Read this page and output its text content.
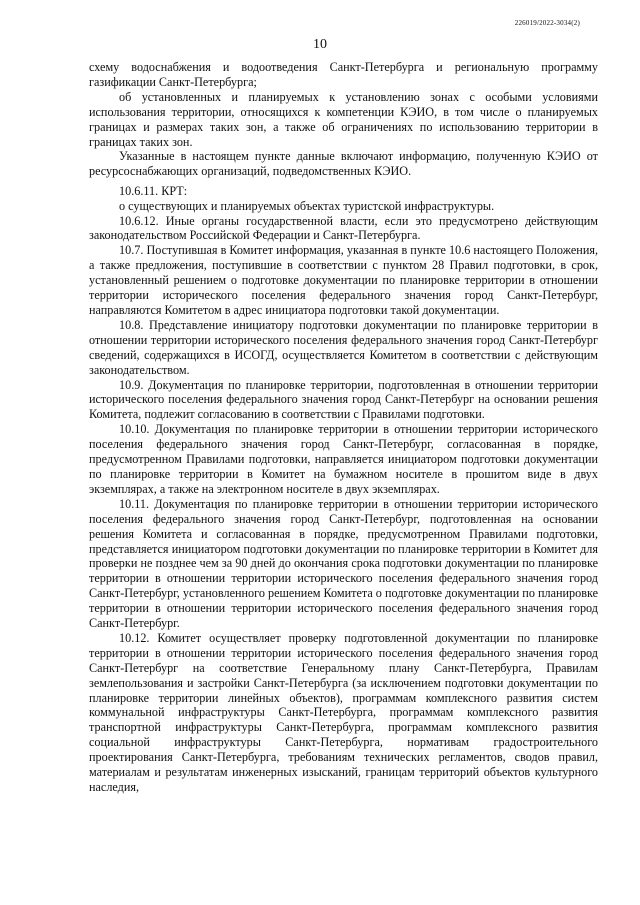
226019/2022-3034(2)
10

схему водоснабжения и водоотведения Санкт-Петербурга и региональную программу газификации Санкт-Петербурга;

об установленных и планируемых к установлению зонах с особыми условиями использования территории, относящихся к компетенции КЭИО, в том числе о планируемых границах и размерах таких зон, а также об ограничениях по использованию территории в границах таких зон.

Указанные в настоящем пункте данные включают информацию, полученную КЭИО от ресурсоснабжающих организаций, подведомственных КЭИО.

10.6.11. КРТ:

о существующих и планируемых объектах туристской инфраструктуры.

10.6.12. Иные органы государственной власти, если это предусмотрено действующим законодательством Российской Федерации и Санкт-Петербурга.

10.7. Поступившая в Комитет информация, указанная в пункте 10.6 настоящего Положения, а также предложения, поступившие в соответствии с пунктом 28 Правил подготовки, в срок, установленный решением о подготовке документации по планировке территории в отношении территории исторического поселения федерального значения город Санкт-Петербург, направляются Комитетом в адрес инициатора подготовки такой документации.

10.8. Представление инициатору подготовки документации по планировке территории в отношении территории исторического поселения федерального значения город Санкт-Петербург сведений, содержащихся в ИСОГД, осуществляется Комитетом в соответствии с действующим законодательством.

10.9. Документация по планировке территории, подготовленная в отношении территории исторического поселения федерального значения город Санкт-Петербург на основании решения Комитета, подлежит согласованию в соответствии с Правилами подготовки.

10.10. Документация по планировке территории в отношении территории исторического поселения федерального значения город Санкт-Петербург, согласованная в порядке, предусмотренном Правилами подготовки, направляется инициатором подготовки документации по планировке территории в Комитет на бумажном носителе в прошитом виде в двух экземплярах, а также на электронном носителе в двух экземплярах.

10.11. Документация по планировке территории в отношении территории исторического поселения федерального значения город Санкт-Петербург, подготовленная на основании решения Комитета и согласованная в порядке, предусмотренном Правилами подготовки, представляется инициатором подготовки документации по планировке территории в Комитет для проверки не позднее чем за 90 дней до окончания срока подготовки документации по планировке территории в отношении территории исторического поселения федерального значения город Санкт-Петербург, установленного решением Комитета о подготовке документации по планировке территории в отношении территории исторического поселения федерального значения город Санкт-Петербург.

10.12. Комитет осуществляет проверку подготовленной документации по планировке территории в отношении территории исторического поселения федерального значения город Санкт-Петербург на соответствие Генеральному плану Санкт-Петербурга, Правилам землепользования и застройки Санкт-Петербурга (за исключением подготовки документации по планировке территории линейных объектов), программам комплексного развития систем коммунальной инфраструктуры Санкт-Петербурга, программам комплексного развития транспортной инфраструктуры Санкт-Петербурга, программам комплексного развития социальной инфраструктуры Санкт-Петербурга, нормативам градостроительного проектирования Санкт-Петербурга, требованиям технических регламентов, сводов правил, материалам и результатам инженерных изысканий, границам территорий объектов культурного наследия,
